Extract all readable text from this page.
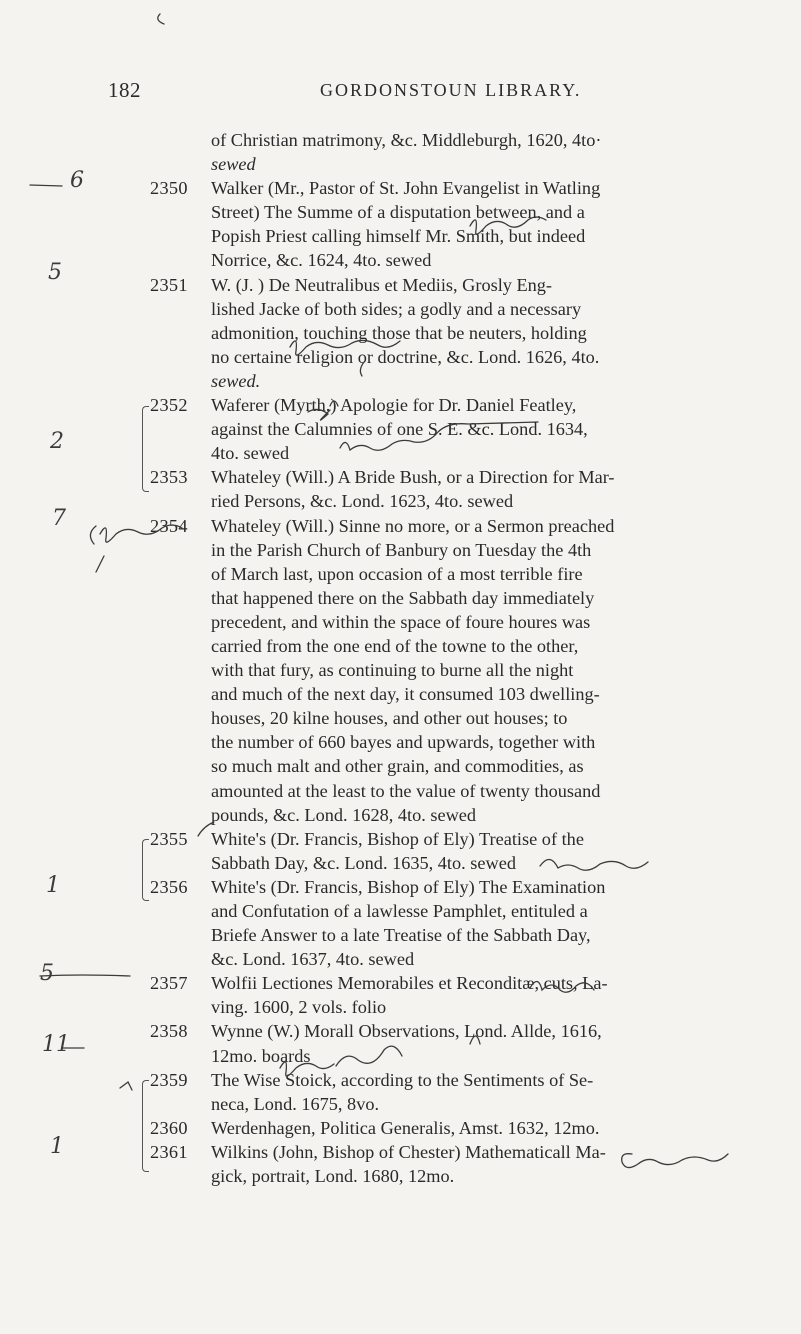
182	GORDONSTOUN LIBRARY.

of Christian matrimony, &c. Middleburgh, 1620, 4to·

sewed

2350	Walker (Mr., Pastor of St. John Evangelist in Watling

Street) The Summe of a disputation between, and a

Popish Priest calling himself Mr. Smith, but indeed

Norrice, &c. 1624, 4to. sewed

2351	W. (J. ) De Neutralibus et Mediis, Grosly Eng-

lished Jacke of both sides; a godly and a necessary

admonition, touching those that be neuters, holding

no certaine religion or doctrine, &c. Lond. 1626, 4to.

sewed.

2352	Waferer (Myrth.) Apologie for Dr. Daniel Featley,

against the Calumnies of one S. E. &c. Lond. 1634,

4to. sewed

2353	Whateley (Will.) A Bride Bush, or a Direction for Mar-

ried Persons, &c. Lond. 1623, 4to. sewed

2354	Whateley (Will.) Sinne no more, or a Sermon preached

in the Parish Church of Banbury on Tuesday the 4th

of March last, upon occasion of a most terrible fire

that happened there on the Sabbath day immediately

precedent, and within the space of foure houres was

carried from the one end of the towne to the other,

with that fury, as continuing to burne all the night

and much of the next day, it consumed 103 dwelling-

houses, 20 kilne houses, and other out houses; to

the number of 660 bayes and upwards, together with

so much malt and other grain, and commodities, as

amounted at the least to the value of twenty thousand

pounds, &c. Lond. 1628, 4to. sewed

2355	White's (Dr. Francis, Bishop of Ely) Treatise of the

Sabbath Day, &c. Lond. 1635, 4to. sewed

2356	White's (Dr. Francis, Bishop of Ely) The Examination

and Confutation of a lawlesse Pamphlet, entituled a

Briefe Answer to a late Treatise of the Sabbath Day,

&c. Lond. 1637, 4to. sewed

2357	Wolfii Lectiones Memorabiles et Reconditæ, cuts, La-

ving. 1600, 2 vols. folio

2358	Wynne (W.) Morall Observations, Lond. Allde, 1616,

12mo. boards

2359	The Wise Stoick, according to the Sentiments of Se-

neca, Lond. 1675, 8vo.

2360	Werdenhagen, Politica Generalis, Amst. 1632, 12mo.

2361	Wilkins (John, Bishop of Chester) Mathematicall Ma-

gick, portrait, Lond. 1680, 12mo.

6
5
2
7
1
5
11
1
